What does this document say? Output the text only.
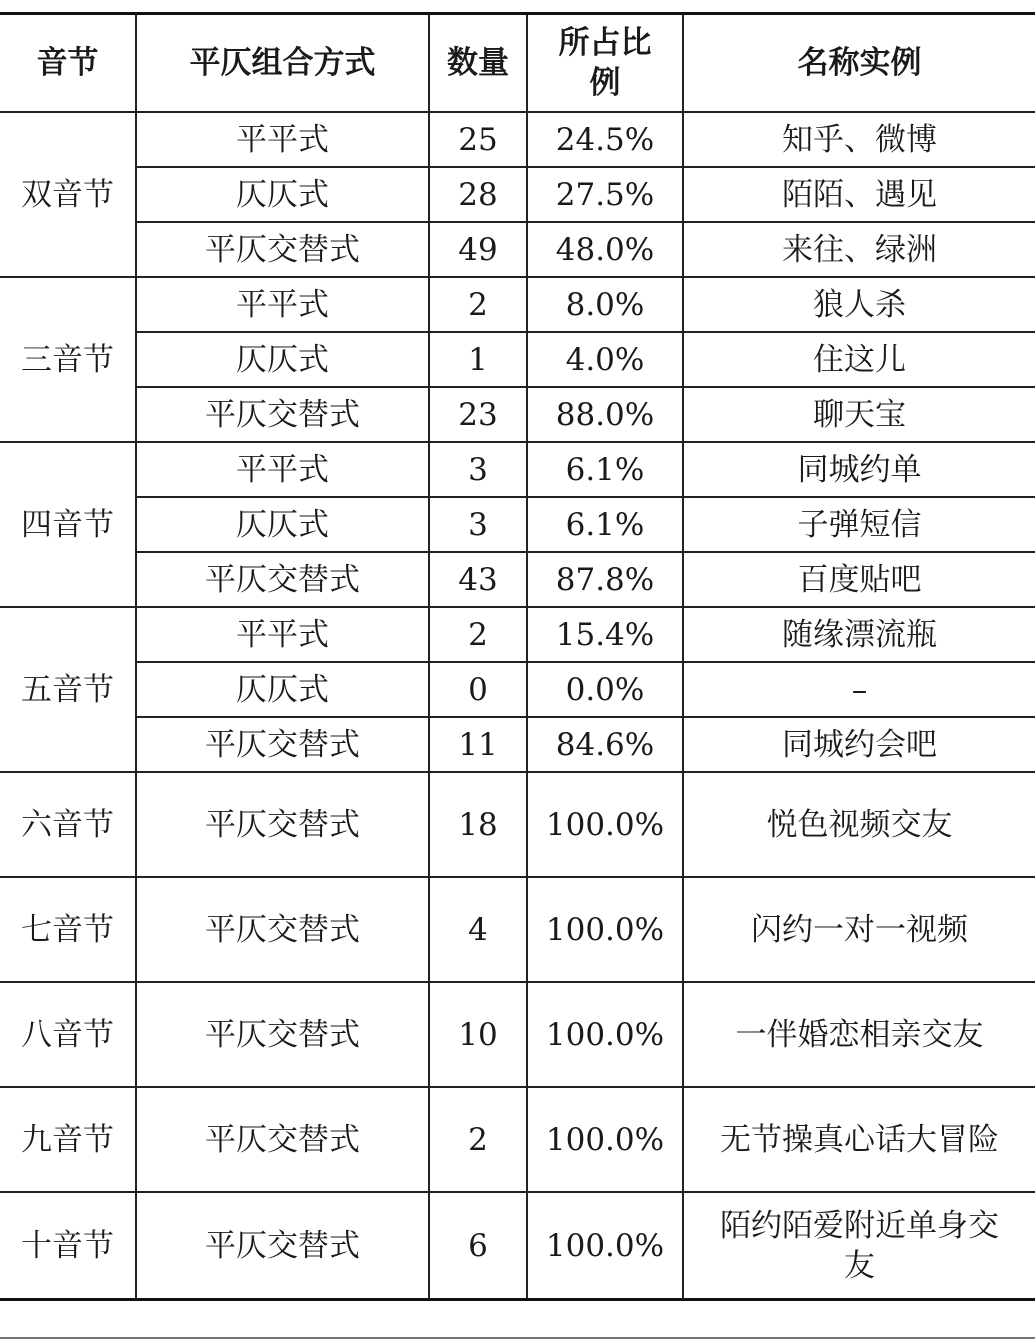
音节	平仄组合方式	数量	所占比例	名称实例
双音节	平平式	25	24.5%	知乎、微博
	仄仄式	28	27.5%	陌陌、遇见
	平仄交替式	49	48.0%	来往、绿洲
三音节	平平式	2	8.0%	狼人杀
	仄仄式	1	4.0%	住这儿
	平仄交替式	23	88.0%	聊天宝
四音节	平平式	3	6.1%	同城约单
	仄仄式	3	6.1%	子弹短信
	平仄交替式	43	87.8%	百度贴吧
五音节	平平式	2	15.4%	随缘漂流瓶
	仄仄式	0	0.0%	–
	平仄交替式	11	84.6%	同城约会吧
六音节	平仄交替式	18	100.0%	悦色视频交友
七音节	平仄交替式	4	100.0%	闪约一对一视频
八音节	平仄交替式	10	100.0%	一伴婚恋相亲交友
九音节	平仄交替式	2	100.0%	无节操真心话大冒险
十音节	平仄交替式	6	100.0%	陌约陌爱附近单身交友
